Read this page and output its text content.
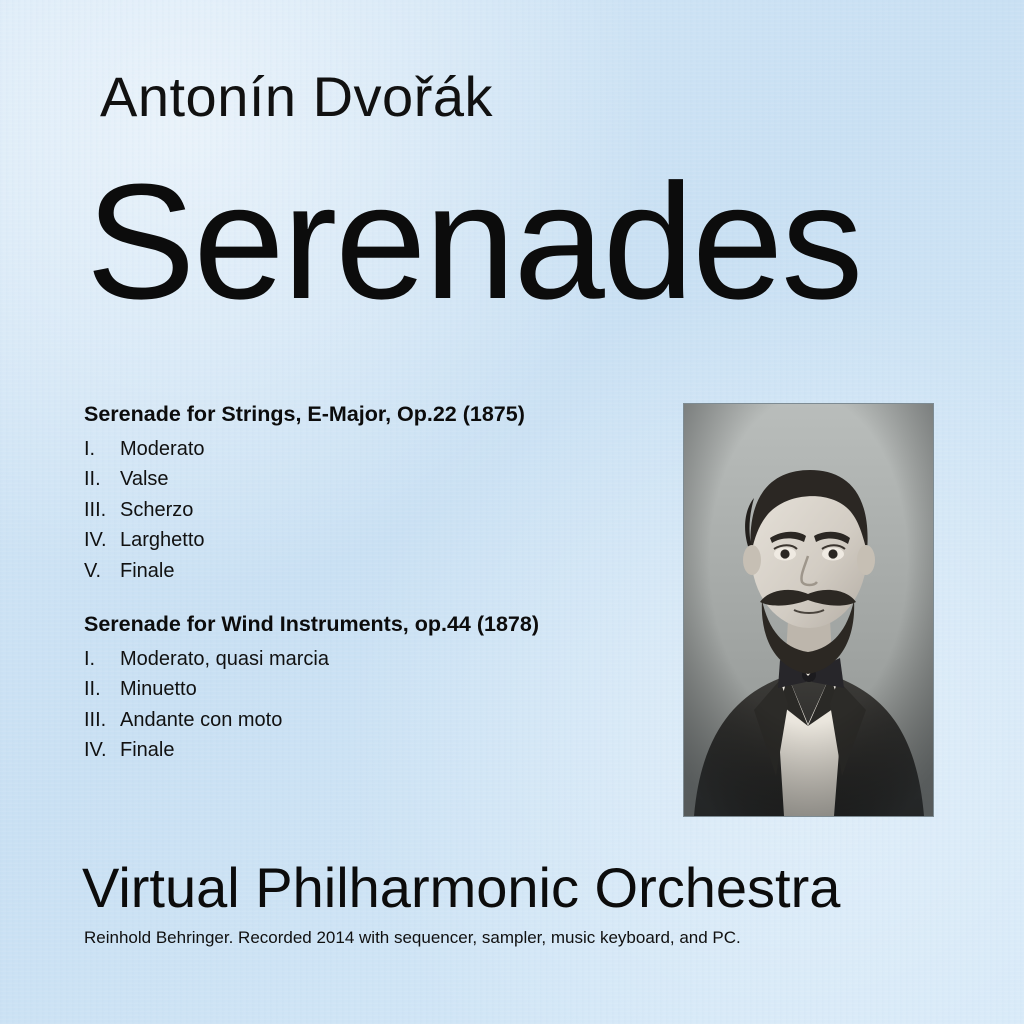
Antonín Dvořák
Serenades
Serenade for Strings, E-Major, Op.22 (1875)
I.	Moderato
II. Valse
III. Scherzo
IV. Larghetto
V. Finale
Serenade for Wind Instruments, op.44 (1878)
I.	Moderato, quasi marcia
II. Minuetto
III. Andante con moto
IV. Finale
Virtual Philharmonic Orchestra
Reinhold Behringer. Recorded 2014 with sequencer, sampler, music keyboard, and PC.
